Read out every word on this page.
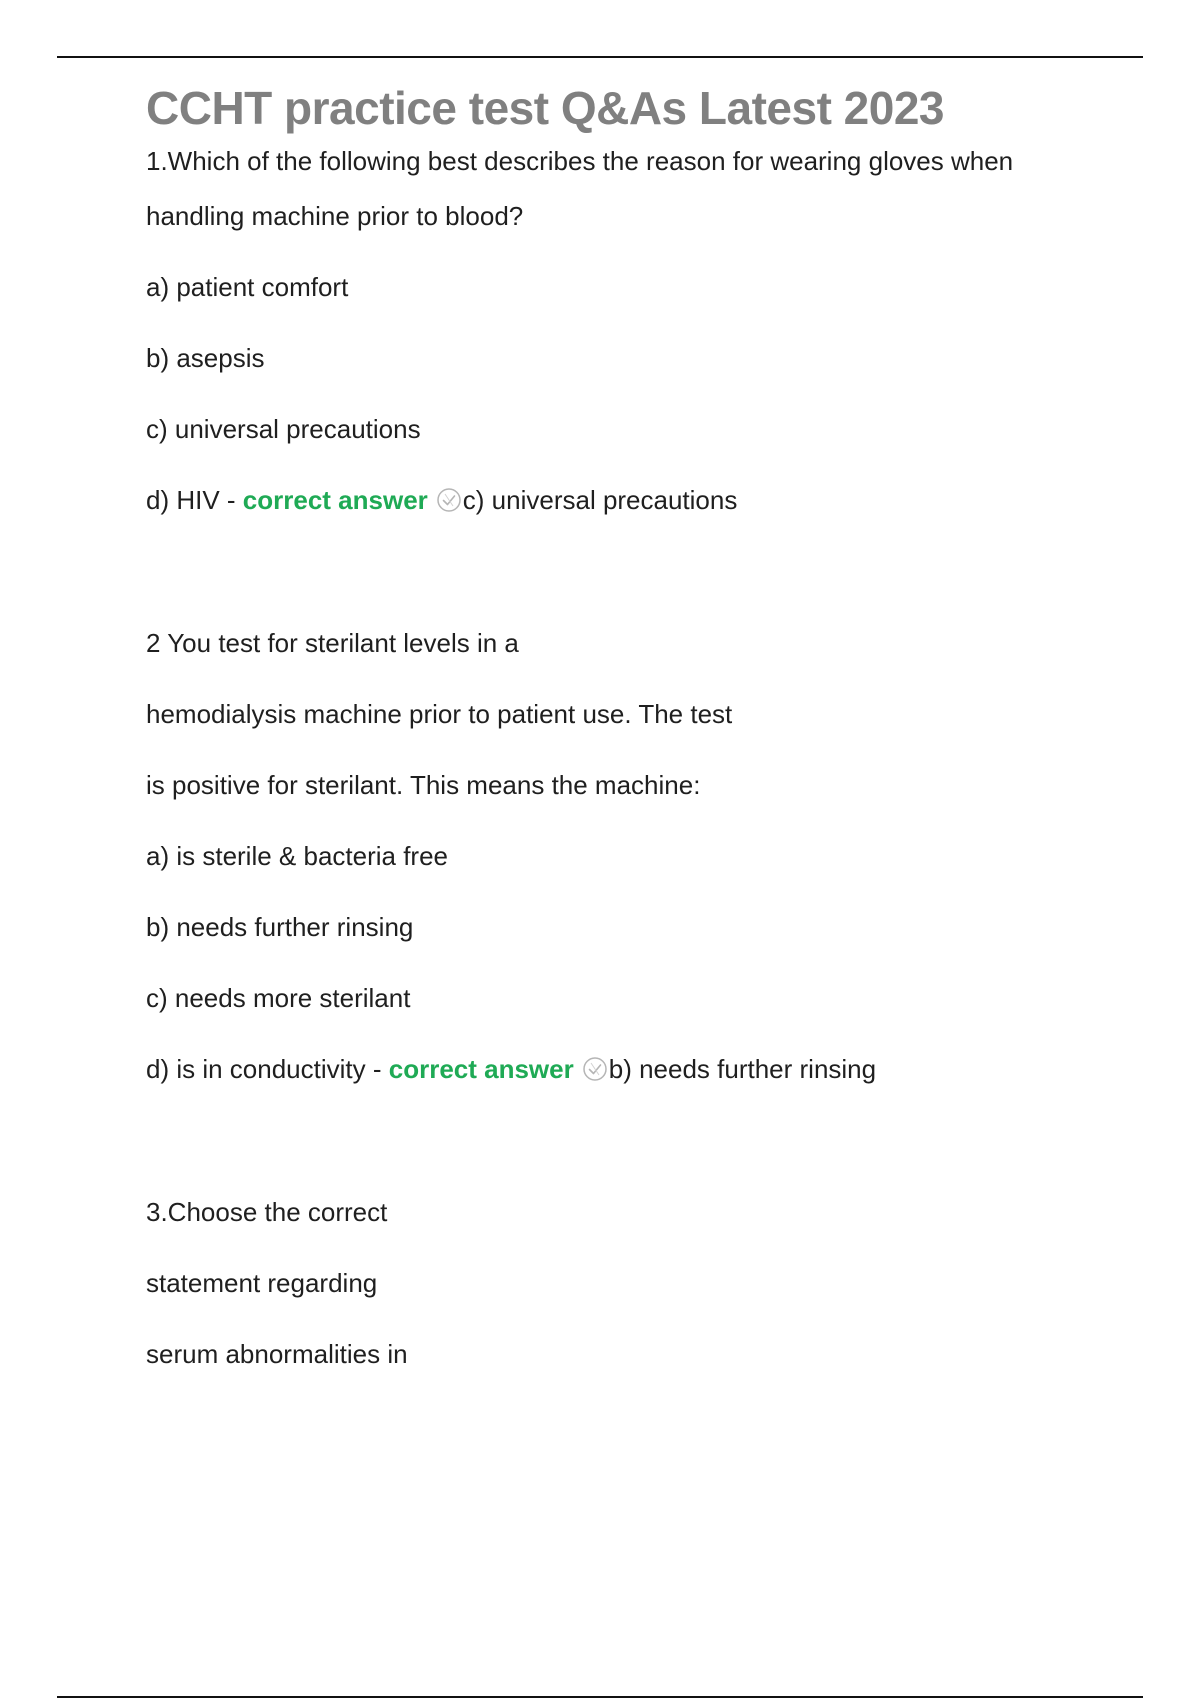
CCHT practice test Q&As Latest 2023

1.Which of the following best describes the reason for wearing gloves when

handling machine prior to blood?

a) patient comfort

b) asepsis

c) universal precautions

d) HIV - correct answer c) universal precautions

2 You test for sterilant levels in a

hemodialysis machine prior to patient use. The test

is positive for sterilant. This means the machine:

a) is sterile & bacteria free

b) needs further rinsing

c) needs more sterilant

d) is in conductivity - correct answer b) needs further rinsing

3.Choose the correct

statement regarding

serum abnormalities in
